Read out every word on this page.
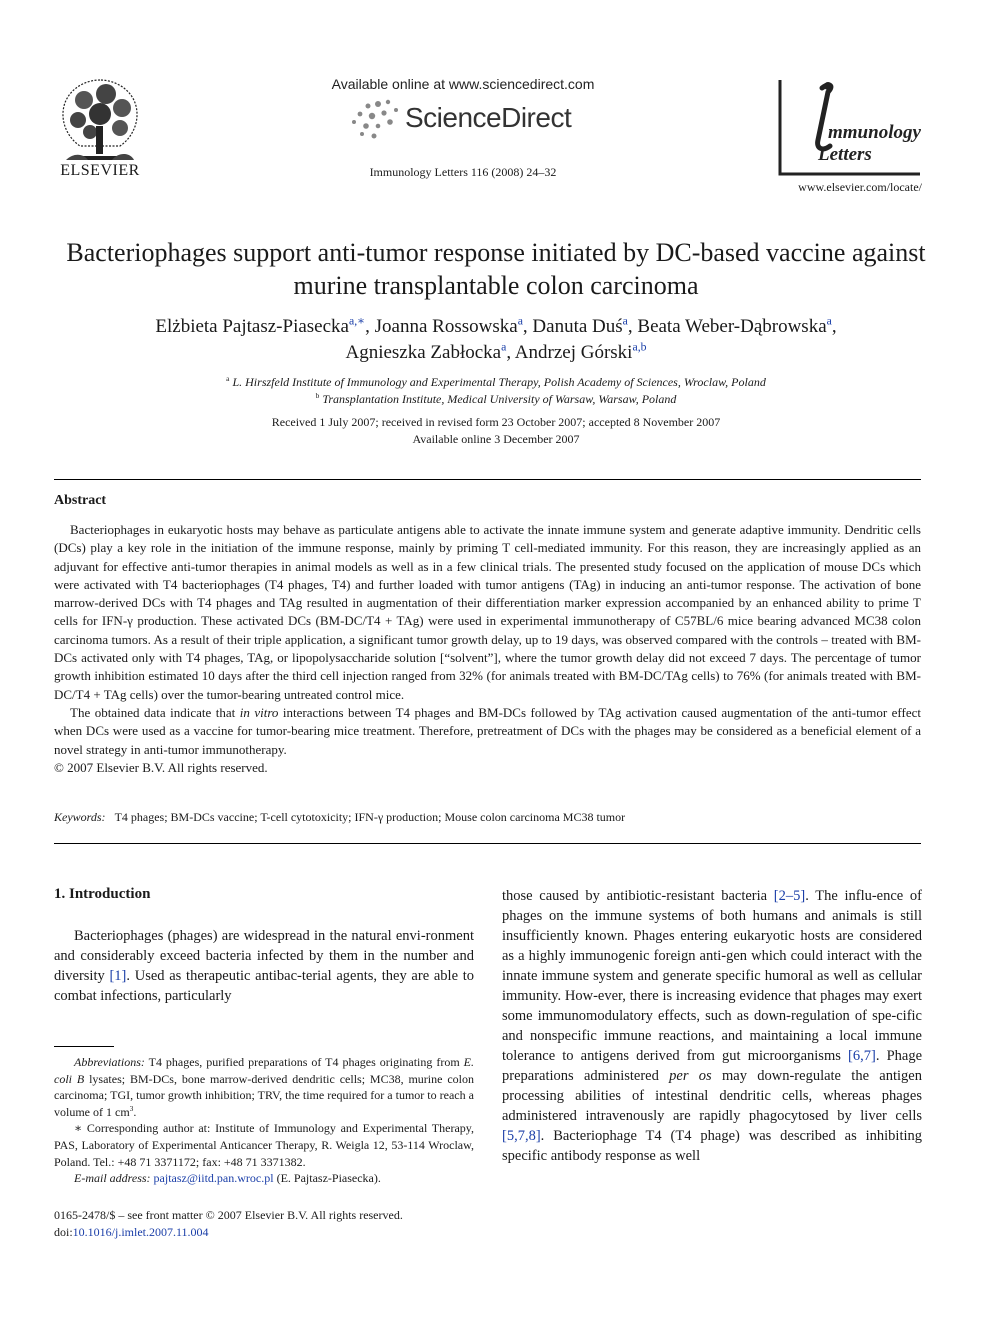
ELSEVIER
Available online at www.sciencedirect.com
ScienceDirect
Immunology Letters 116 (2008) 24–32
mmunology
Letters
www.elsevier.com/locate/
Bacteriophages support anti-tumor response initiated by DC-based vaccine against murine transplantable colon carcinoma
Elżbieta Pajtasz-Piasecka$^{a,∗}$, Joanna Rossowska$^a$, Danuta Duś$^a$, Beata Weber-Dąbrowska$^a$,
Agnieszka Zabłocka$^a$, Andrzej Górski$^{a,b}$
$^a$ L. Hirszfeld Institute of Immunology and Experimental Therapy, Polish Academy of Sciences, Wroclaw, Poland
$^b$ Transplantation Institute, Medical University of Warsaw, Warsaw, Poland
Received 1 July 2007; received in revised form 23 October 2007; accepted 8 November 2007
Available online 3 December 2007
Abstract

Bacteriophages in eukaryotic hosts may behave as particulate antigens able to activate the innate immune system and generate adaptive immunity. Dendritic cells (DCs) play a key role in the initiation of the immune response, mainly by priming T cell-mediated immunity. For this reason, they are increasingly applied as an adjuvant for effective anti-tumor therapies in animal models as well as in a few clinical trials. The presented study focused on the application of mouse DCs which were activated with T4 bacteriophages (T4 phages, T4) and further loaded with tumor antigens (TAg) in inducing an anti-tumor response. The activation of bone marrow-derived DCs with T4 phages and TAg resulted in augmentation of their differentiation marker expression accompanied by an enhanced ability to prime T cells for IFN-γ production. These activated DCs (BM-DC/T4 + TAg) were used in experimental immunotherapy of C57BL/6 mice bearing advanced MC38 colon carcinoma tumors. As a result of their triple application, a significant tumor growth delay, up to 19 days, was observed compared with the controls – treated with BM-DCs activated only with T4 phages, TAg, or lipopolysaccharide solution [“solvent”], where the tumor growth delay did not exceed 7 days. The percentage of tumor growth inhibition estimated 10 days after the third cell injection ranged from 32% (for animals treated with BM-DC/TAg cells) to 76% (for animals treated with BM-DC/T4 + TAg cells) over the tumor-bearing untreated control mice.

The obtained data indicate that in vitro interactions between T4 phages and BM-DCs followed by TAg activation caused augmentation of the anti-tumor effect when DCs were used as a vaccine for tumor-bearing mice treatment. Therefore, pretreatment of DCs with the phages may be considered as a beneficial element of a novel strategy in anti-tumor immunotherapy.

© 2007 Elsevier B.V. All rights reserved.

Keywords: T4 phages; BM-DCs vaccine; T-cell cytotoxicity; IFN-γ production; Mouse colon carcinoma MC38 tumor
1. Introduction

Bacteriophages (phages) are widespread in the natural envi-ronment and considerably exceed bacteria infected by them in the number and diversity [1]. Used as therapeutic antibac-terial agents, they are able to combat infections, particularly

Abbreviations: T4 phages, purified preparations of T4 phages originating from E. coli B lysates; BM-DCs, bone marrow-derived dendritic cells; MC38, murine colon carcinoma; TGI, tumor growth inhibition; TRV, the time required for a tumor to reach a volume of 1 $cm^3$.

∗ Corresponding author at: Institute of Immunology and Experimental Therapy, PAS, Laboratory of Experimental Anticancer Therapy, R. Weigla 12, 53-114 Wroclaw, Poland. Tel.: +48 71 3371172; fax: +48 71 3371382.

E-mail address: pajtasz@iitd.pan.wroc.pl (E. Pajtasz-Piasecka).

0165-2478/$ – see front matter © 2007 Elsevier B.V. All rights reserved.
doi:10.1016/j.imlet.2007.11.004

those caused by antibiotic-resistant bacteria [2–5]. The influ-ence of phages on the immune systems of both humans and animals is still insufficiently known. Phages entering eukaryotic hosts are considered as a highly immunogenic foreign anti-gen which could interact with the innate immune system and generate specific humoral as well as cellular immunity. How-ever, there is increasing evidence that phages may exert some immunomodulatory effects, such as down-regulation of spe-cific and nonspecific immune reactions, and maintaining a local immune tolerance to antigens derived from gut microorganisms [6,7]. Phage preparations administered per os may down-regulate the antigen processing abilities of intestinal dendritic cells, whereas phages administered intravenously are rapidly phagocytosed by liver cells [5,7,8]. Bacteriophage T4 (T4 phage) was described as inhibiting specific antibody response as well
